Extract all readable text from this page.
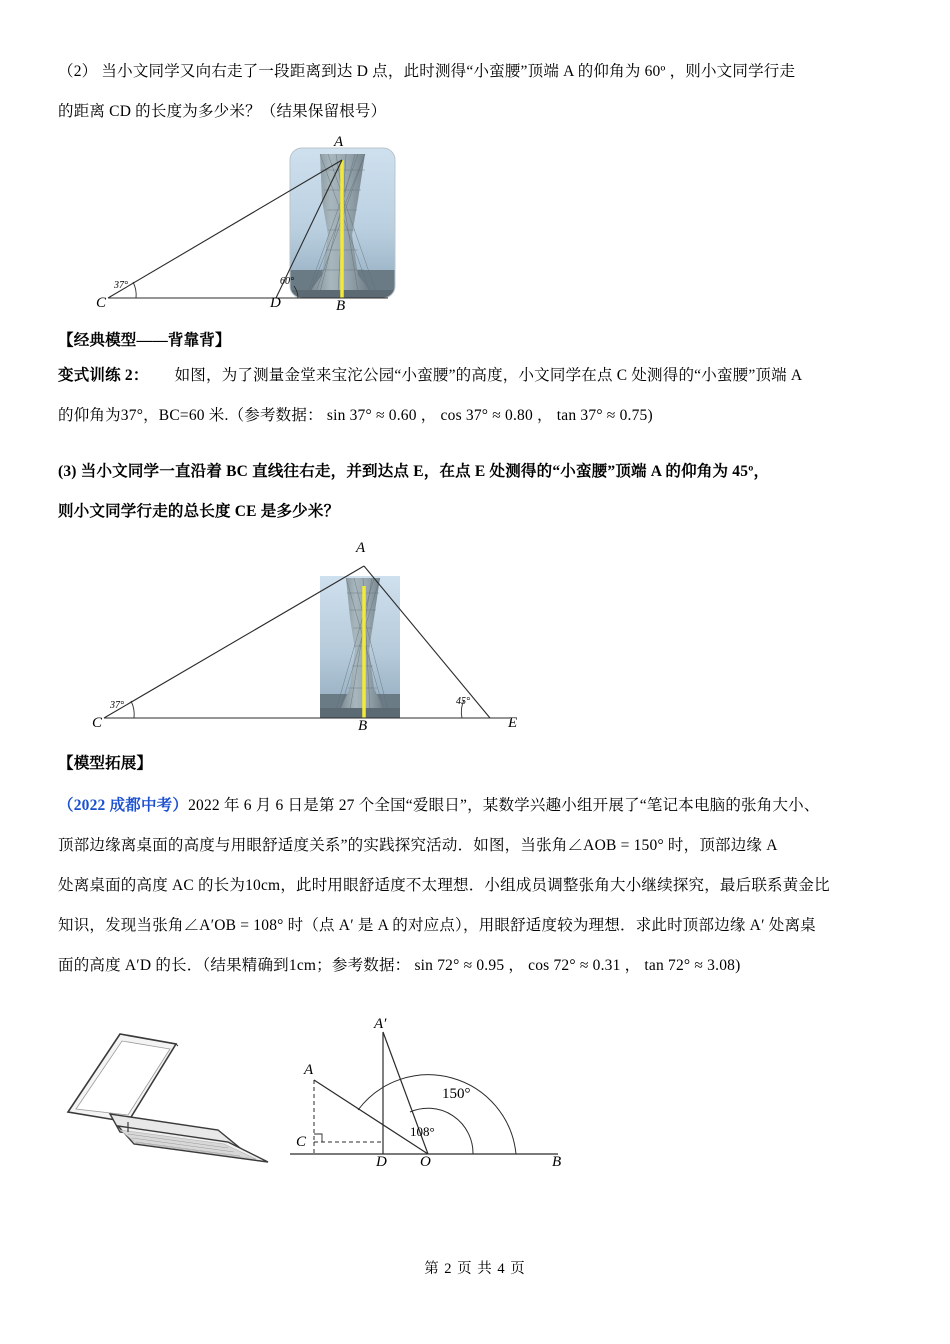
（2） 当小文同学又向右走了一段距离到达 D 点，此时测得“小蛮腰”顶端 A 的仰角为 60º ，则小文同学行走

的距离 CD 的长度为多少米？（结果保留根号）

A
B
C	D
37°	60°

【经典模型——背靠背】

变式训练 2： 如图，为了测量金堂来宝沱公园“小蛮腰”的高度，小文同学在点 C 处测得的“小蛮腰”顶端 A

的仰角为37°，BC=60 米.（参考数据： sin 37° ≈ 0.60 ， cos 37° ≈ 0.80 ， tan 37° ≈ 0.75)

(3) 当小文同学一直沿着 BC 直线往右走，并到达点 E，在点 E 处测得的“小蛮腰”顶端 A 的仰角为 45º，

则小文同学行走的总长度 CE 是多少米？

A
B
C	E
37°	45°

【模型拓展】

（2022 成都中考）2022 年 6 月 6 日是第 27 个全国“爱眼日”，某数学兴趣小组开展了“笔记本电脑的张角大小、

顶部边缘离桌面的高度与用眼舒适度关系”的实践探究活动．如图，当张角∠AOB = 150° 时，顶部边缘 A

处离桌面的高度 AC 的长为10cm，此时用眼舒适度不太理想．小组成员调整张角大小继续探究，最后联系黄金比

知识，发现当张角∠A′OB = 108° 时（点 A′ 是 A 的对应点），用眼舒适度较为理想．求此时顶部边缘 A′ 处离桌

面的高度 A′D 的长．（结果精确到1cm；参考数据： sin 72° ≈ 0.95 ， cos 72° ≈ 0.31 ， tan 72° ≈ 3.08)

A′
A
C
D O	B
150°
108°
第 2 页 共 4 页
